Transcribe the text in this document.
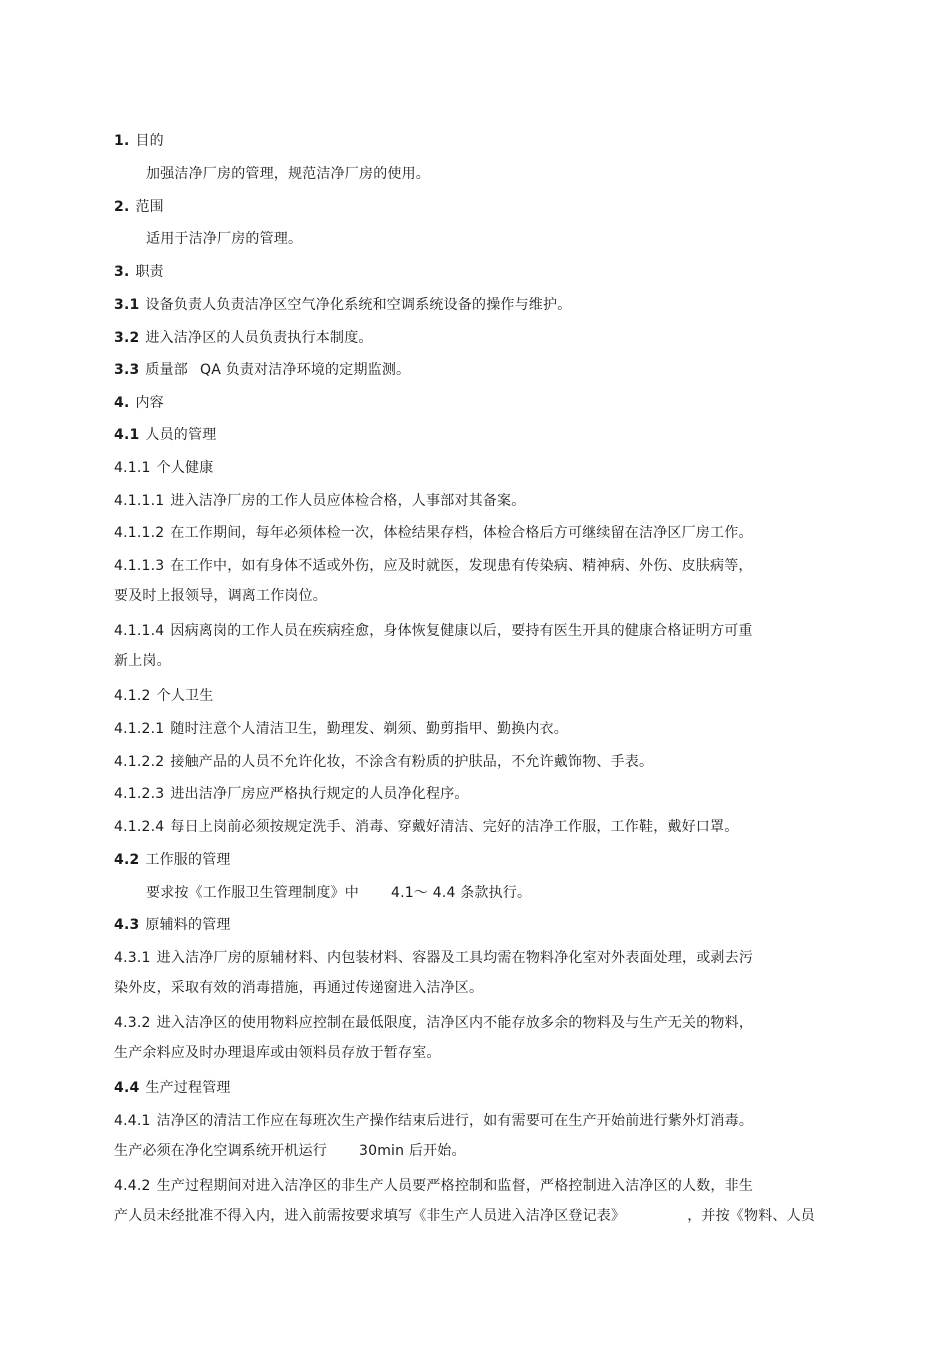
1. 目的
加强洁净厂房的管理，规范洁净厂房的使用。
2. 范围
适用于洁净厂房的管理。
3. 职责
3.1 设备负责人负责洁净区空气净化系统和空调系统设备的操作与维护。
3.2 进入洁净区的人员负责执行本制度。
3.3 质量部 QA 负责对洁净环境的定期监测。
4. 内容
4.1 人员的管理
4.1.1 个人健康
4.1.1.1 进入洁净厂房的工作人员应体检合格，人事部对其备案。
4.1.1.2 在工作期间，每年必须体检一次，体检结果存档，体检合格后方可继续留在洁净区厂房工作。
4.1.1.3 在工作中，如有身体不适或外伤，应及时就医，发现患有传染病、精神病、外伤、皮肤病等，
要及时上报领导，调离工作岗位。
4.1.1.4 因病离岗的工作人员在疾病痊愈，身体恢复健康以后，要持有医生开具的健康合格证明方可重
新上岗。
4.1.2 个人卫生
4.1.2.1 随时注意个人清洁卫生，勤理发、剃须、勤剪指甲、勤换内衣。
4.1.2.2 接触产品的人员不允许化妆，不涂含有粉质的护肤品，不允许戴饰物、手表。
4.1.2.3 进出洁净厂房应严格执行规定的人员净化程序。
4.1.2.4 每日上岗前必须按规定洗手、消毒、穿戴好清洁、完好的洁净工作服，工作鞋，戴好口罩。
4.2 工作服的管理
要求按《工作服卫生管理制度》中 4.1～ 4.4 条款执行。
4.3 原辅料的管理
4.3.1 进入洁净厂房的原辅材料、内包装材料、容器及工具均需在物料净化室对外表面处理，或剥去污
染外皮，采取有效的消毒措施，再通过传递窗进入洁净区。
4.3.2 进入洁净区的使用物料应控制在最低限度，洁净区内不能存放多余的物料及与生产无关的物料，
生产余料应及时办理退库或由领料员存放于暂存室。
4.4 生产过程管理
4.4.1 洁净区的清洁工作应在每班次生产操作结束后进行，如有需要可在生产开始前进行紫外灯消毒。
生产必须在净化空调系统开机运行 30min 后开始。
4.4.2 生产过程期间对进入洁净区的非生产人员要严格控制和监督，严格控制进入洁净区的人数，非生
产人员未经批准不得入内，进入前需按要求填写《非生产人员进入洁净区登记表》	，并按《物料、人员
